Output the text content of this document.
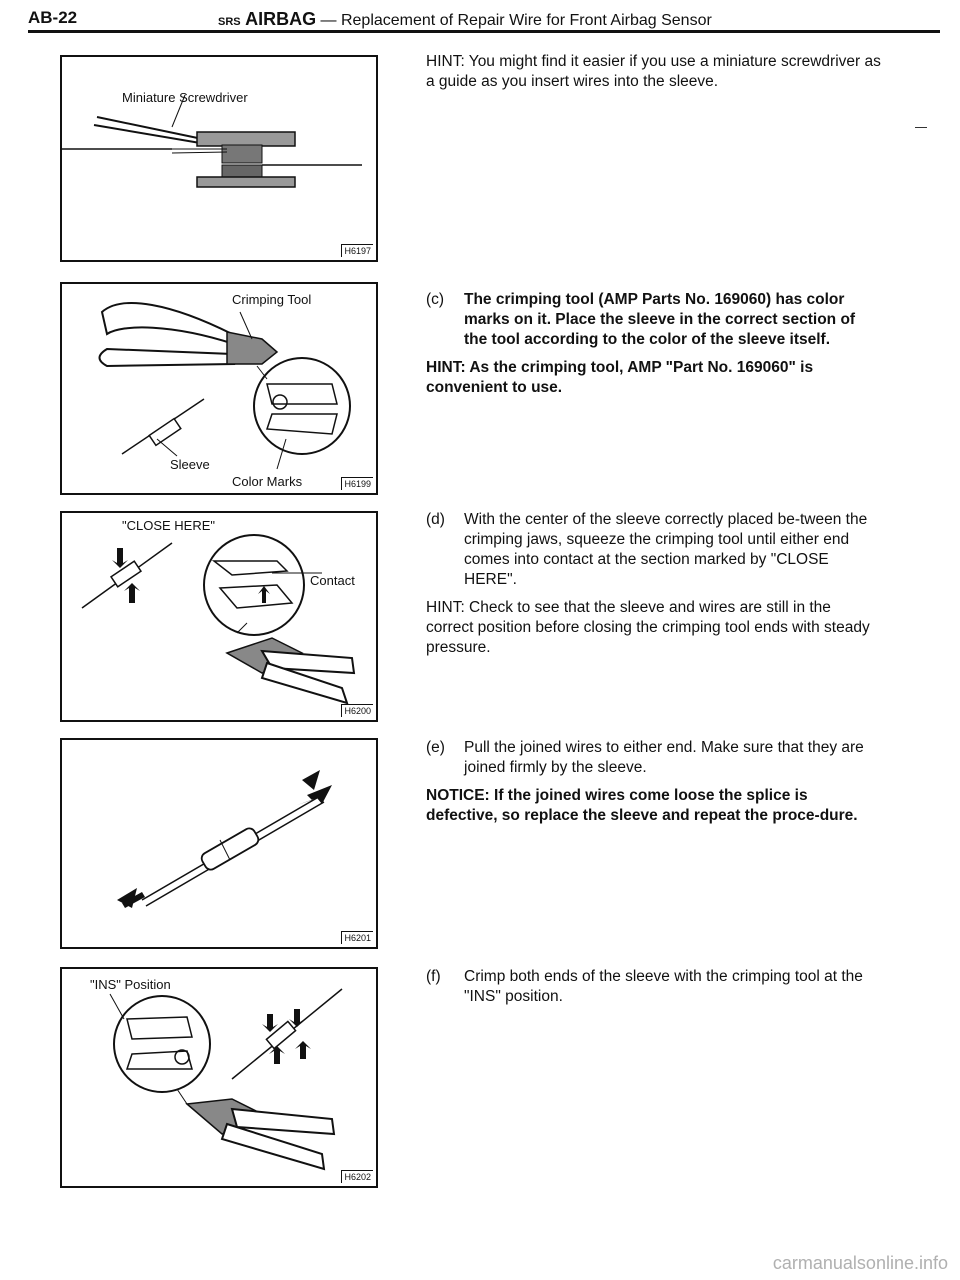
AB-22	SRS AIRBAG — Replacement of Repair Wire for Front Airbag Sensor
Miniature Screwdriver
H6197
Crimping Tool
Sleeve
Color Marks	H6199
"CLOSE HERE"
Contact
H6200
H6201
"INS" Position
H6202

HINT: You might find it easier if you use a miniature screwdriver as a guide as you insert wires into the sleeve.

(c) The crimping tool (AMP Parts No. 169060) has color marks on it. Place the sleeve in the correct section of the tool according to the color of the sleeve itself.

HINT: As the crimping tool, AMP "Part No. 169060" is convenient to use.

(d) With the center of the sleeve correctly placed be-tween the crimping jaws, squeeze the crimping tool until either end comes into contact at the section marked by "CLOSE HERE".

HINT: Check to see that the sleeve and wires are still in the correct position before closing the crimping tool ends with steady pressure.

(e) Pull the joined wires to either end. Make sure that they are joined firmly by the sleeve.

NOTICE: If the joined wires come loose the splice is defective, so replace the sleeve and repeat the proce-dure.

(f) Crimp both ends of the sleeve with the crimping tool at the "INS" position.

carmanualsonline.info
